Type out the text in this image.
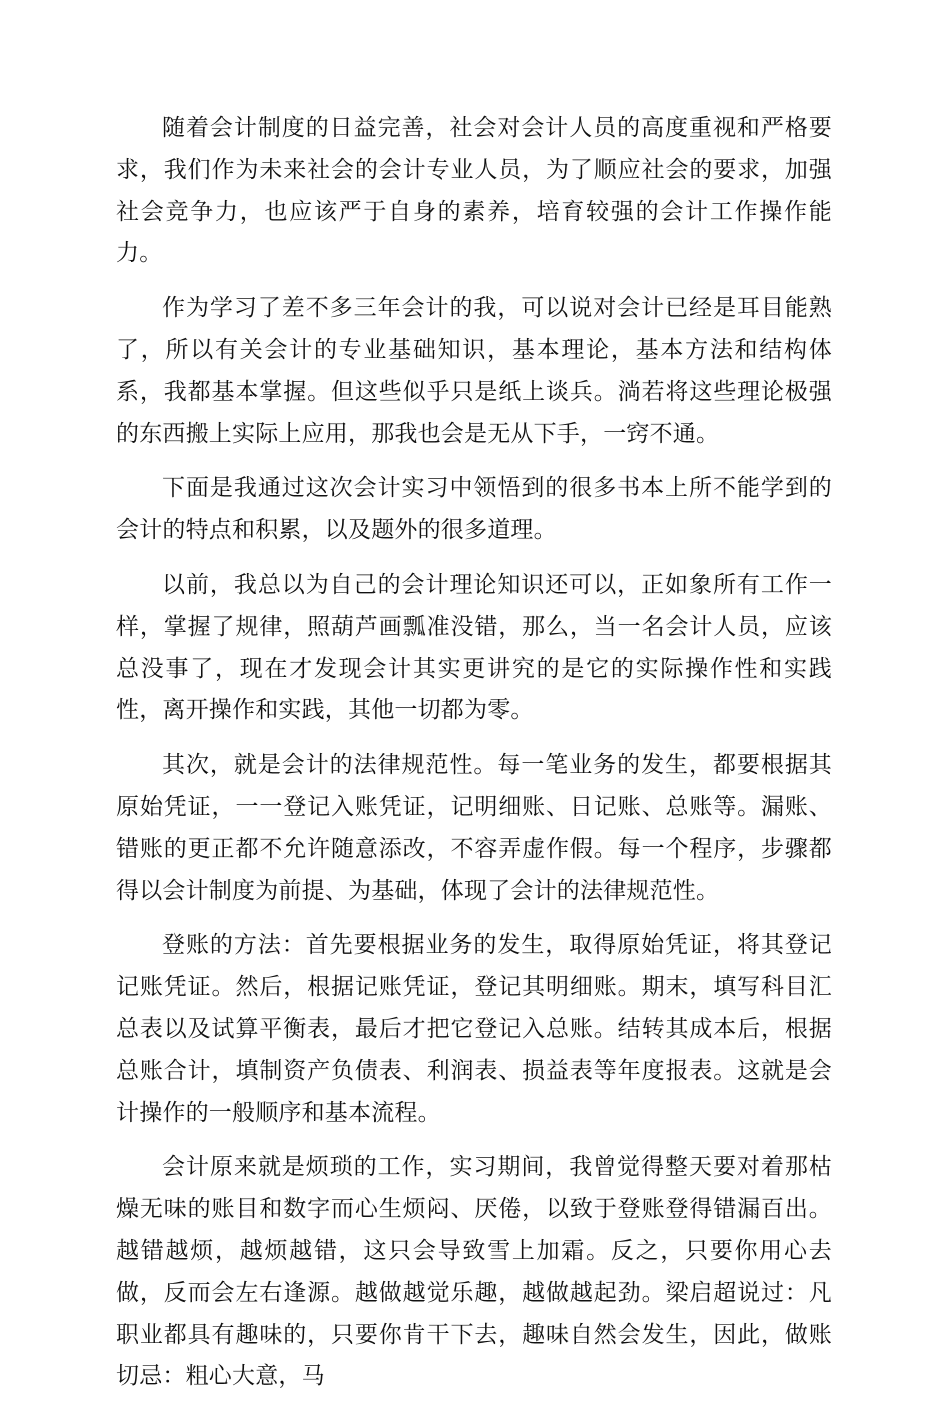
随着会计制度的日益完善，社会对会计人员的高度重视和严格要求，我们作为未来社会的会计专业人员，为了顺应社会的要求，加强社会竞争力，也应该严于自身的素养，培育较强的会计工作操作能力。

作为学习了差不多三年会计的我，可以说对会计已经是耳目能熟了，所以有关会计的专业基础知识，基本理论，基本方法和结构体系，我都基本掌握。但这些似乎只是纸上谈兵。淌若将这些理论极强的东西搬上实际上应用，那我也会是无从下手，一窍不通。

下面是我通过这次会计实习中领悟到的很多书本上所不能学到的会计的特点和积累，以及题外的很多道理。

以前，我总以为自己的会计理论知识还可以，正如象所有工作一样，掌握了规律，照葫芦画瓢准没错，那么，当一名会计人员，应该总没事了，现在才发现会计其实更讲究的是它的实际操作性和实践性，离开操作和实践，其他一切都为零。

其次，就是会计的法律规范性。每一笔业务的发生，都要根据其原始凭证，一一登记入账凭证，记明细账、日记账、总账等。漏账、错账的更正都不允许随意添改，不容弄虚作假。每一个程序，步骤都得以会计制度为前提、为基础，体现了会计的法律规范性。

登账的方法：首先要根据业务的发生，取得原始凭证，将其登记记账凭证。然后，根据记账凭证，登记其明细账。期末，填写科目汇总表以及试算平衡表，最后才把它登记入总账。结转其成本后，根据总账合计，填制资产负债表、利润表、损益表等年度报表。这就是会计操作的一般顺序和基本流程。

会计原来就是烦琐的工作，实习期间，我曾觉得整天要对着那枯燥无味的账目和数字而心生烦闷、厌倦，以致于登账登得错漏百出。越错越烦，越烦越错，这只会导致雪上加霜。反之，只要你用心去做，反而会左右逢源。越做越觉乐趣，越做越起劲。梁启超说过：凡职业都具有趣味的，只要你肯干下去，趣味自然会发生，因此，做账切忌：粗心大意，马
